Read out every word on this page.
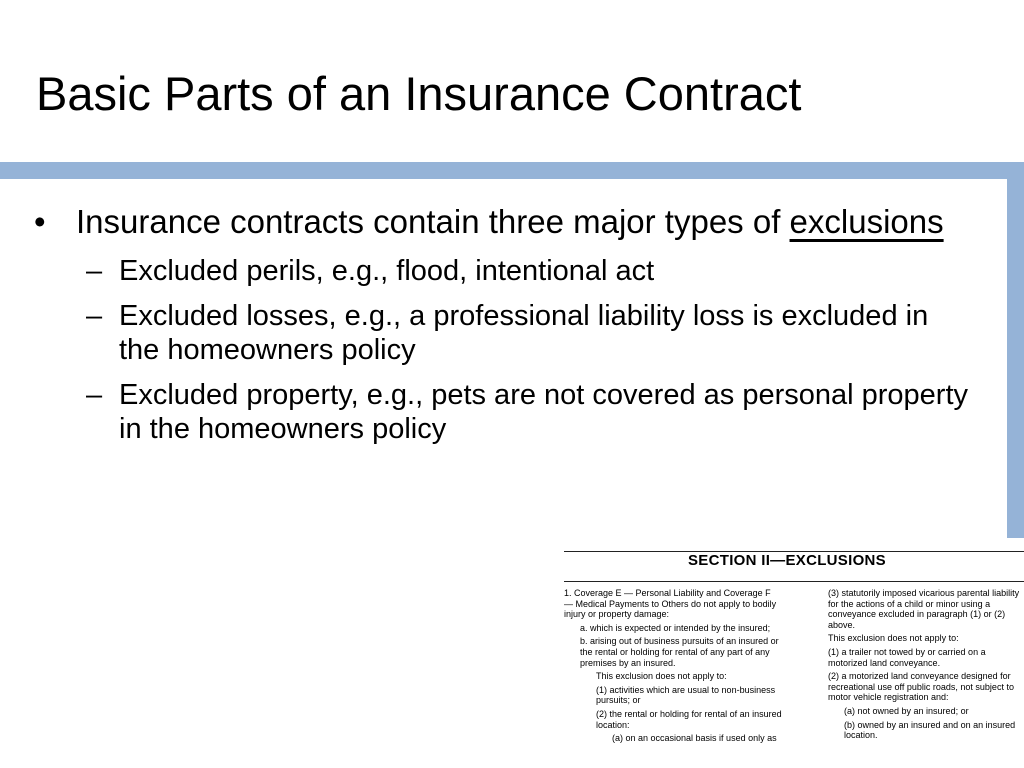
Basic Parts of an Insurance Contract
• Insurance contracts contain three major types of exclusions
– Excluded perils, e.g., flood, intentional act
– Excluded losses, e.g., a professional liability loss is excluded in the homeowners policy
– Excluded property, e.g., pets are not covered as personal property in the homeowners policy
SECTION II—EXCLUSIONS

1. Coverage E — Personal Liability and Coverage F — Medical Payments to Others do not apply to bodily injury or property damage:

a. which is expected or intended by the insured;

b. arising out of business pursuits of an insured or the rental or holding for rental of any part of any premises by an insured.

This exclusion does not apply to:

(1) activities which are usual to non-business pursuits; or

(2) the rental or holding for rental of an insured location:

(a) on an occasional basis if used only as

(3) statutorily imposed vicarious parental liability for the actions of a child or minor using a conveyance excluded in paragraph (1) or (2) above.

This exclusion does not apply to:

(1) a trailer not towed by or carried on a motorized land conveyance.

(2) a motorized land conveyance designed for recreational use off public roads, not subject to motor vehicle registration and:

(a) not owned by an insured; or

(b) owned by an insured and on an insured location.
